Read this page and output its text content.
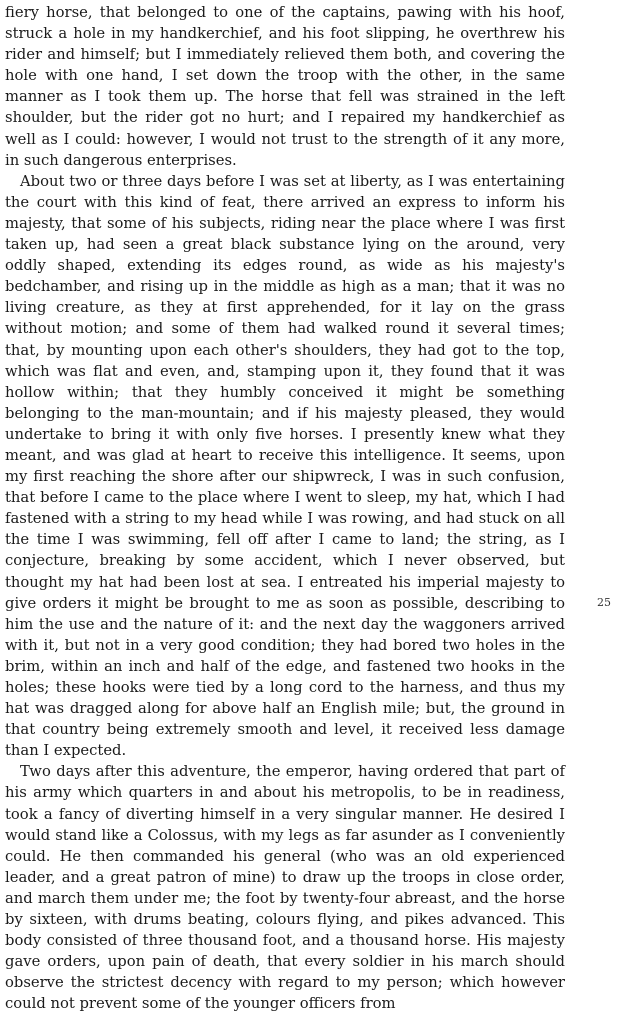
fiery horse, that belonged to one of the captains, pawing with his hoof, struck a hole in my handkerchief, and his foot slipping, he overthrew his rider and himself; but I immediately relieved them both, and covering the hole with one hand, I set down the troop with the other, in the same manner as I took them up. The horse that fell was strained in the left shoulder, but the rider got no hurt; and I repaired my handkerchief as well as I could: however, I would not trust to the strength of it any more, in such dangerous enterprises.

About two or three days before I was set at liberty, as I was entertaining the court with this kind of feat, there arrived an express to inform his majesty, that some of his subjects, riding near the place where I was first taken up, had seen a great black substance lying on the around, very oddly shaped, extending its edges round, as wide as his majesty's bedchamber, and rising up in the middle as high as a man; that it was no living creature, as they at first apprehended, for it lay on the grass without motion; and some of them had walked round it several times; that, by mounting upon each other's shoulders, they had got to the top, which was flat and even, and, stamping upon it, they found that it was hollow within; that they humbly conceived it might be something belonging to the man-mountain; and if his majesty pleased, they would undertake to bring it with only five horses. I presently knew what they meant, and was glad at heart to receive this intelligence. It seems, upon my first reaching the shore after our shipwreck, I was in such confusion, that before I came to the place where I went to sleep, my hat, which I had fastened with a string to my head while I was rowing, and had stuck on all the time I was swimming, fell off after I came to land; the string, as I conjecture, breaking by some accident, which I never observed, but thought my hat had been lost at sea. I entreated his imperial majesty to give orders it might be brought to me as soon as possible, describing to him the use and the nature of it: and the next day the waggoners arrived with it, but not in a very good condition; they had bored two holes in the brim, within an inch and half of the edge, and fastened two hooks in the holes; these hooks were tied by a long cord to the harness, and thus my hat was dragged along for above half an English mile; but, the ground in that country being extremely smooth and level, it received less damage than I expected.

Two days after this adventure, the emperor, having ordered that part of his army which quarters in and about his metropolis, to be in readiness, took a fancy of diverting himself in a very singular manner. He desired I would stand like a Colossus, with my legs as far asunder as I conveniently could. He then commanded his general (who was an old experienced leader, and a great patron of mine) to draw up the troops in close order, and march them under me; the foot by twenty-four abreast, and the horse by sixteen, with drums beating, colours flying, and pikes advanced. This body consisted of three thousand foot, and a thousand horse. His majesty gave orders, upon pain of death, that every soldier in his march should observe the strictest decency with regard to my person; which however could not prevent some of the younger officers from

25
